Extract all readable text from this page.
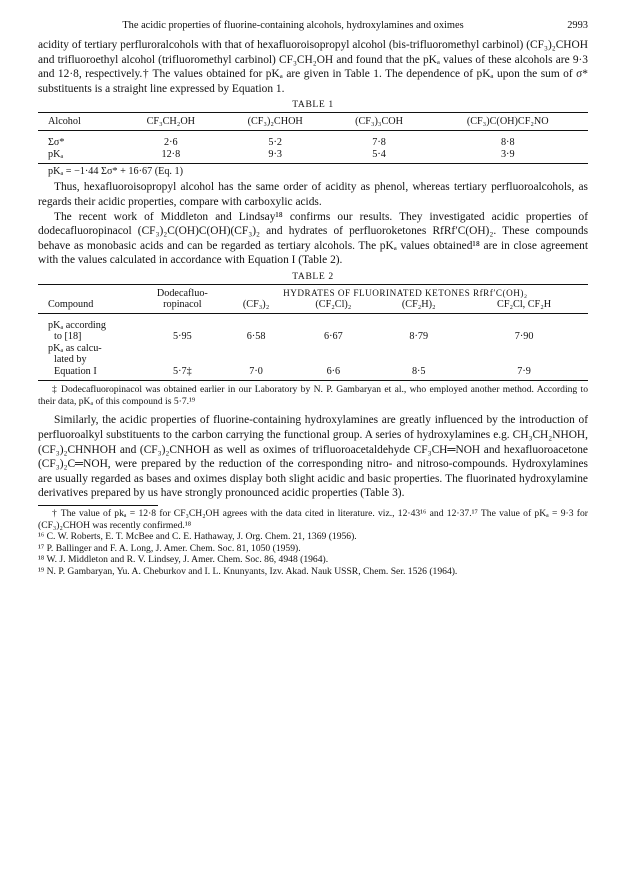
The acidic properties of fluorine-containing alcohols, hydroxylamines and oximes	2993

acidity of tertiary perfluroralcohols with that of hexafluoroisopropyl alcohol (bis-trifluoromethyl carbinol) (CF₃)₂CHOH and trifluoroethyl alcohol (trifluoromethyl carbinol) CF₃CH₂OH and found that the pKₐ values of these alcohols are 9·3 and 12·8, respectively.† The values obtained for pKₐ are given in Table 1. The dependence of pKₐ upon the sum of σ* substituents is a straight line expressed by Equation 1.

TABLE 1
Alcohol	CF₃CH₂OH	(CF₃)₂CHOH	(CF₃)₃COH	(CF₃)C(OH)CF₂NO
Σσ*	2·6	5·2	7·8	8·8
pKₐ	12·8	9·3	5·4	3·9
pKₐ = −1·44 Σσ* + 16·67 (Eq. 1)

Thus, hexafluoroisopropyl alcohol has the same order of acidity as phenol, whereas tertiary perfluoroalcohols, as regards their acidic properties, compare with carboxylic acids.

The recent work of Middleton and Lindsay¹⁸ confirms our results. They investigated acidic properties of dodecafluoropinacol (CF₃)₂C(OH)C(OH)(CF₃)₂ and hydrates of perfluoroketones RfRf′C(OH)₂. These compounds behave as monobasic acids and can be regarded as tertiary alcohols. The pKₐ values obtained¹⁸ are in close agreement with the values calculated in accordance with Equation I (Table 2).

TABLE 2
	Dodecafluo-	HYDRATES OF FLUORINATED KETONES RfRf′C(OH)₂			
Compound	ropinacol	(CF₃)₂	(CF₂Cl)₂	(CF₂H)₂	CF₂Cl, CF₂H

pKₐ according
to [18]	5·95	6·58	6·67	8·79	7·90

pKₐ as calcu-
lated by
Equation I	5·7‡	7·0	6·6	8·5	7·9
‡ Dodecafluoropinacol was obtained earlier in our Laboratory by N. P. Gambaryan et al., who employed another method. According to their data, pKₐ of this compound is 5·7.¹⁹

Similarly, the acidic properties of fluorine-containing hydroxylamines are greatly influenced by the introduction of perfluoroalkyl substituents to the carbon carrying the functional group. A series of hydroxylamines e.g. CH₃CH₂NHOH, (CF₃)₂CHNHOH and (CF₃)₂CNHOH as well as oximes of trifluoroacetaldehyde CF₃CH═NOH and hexafluoroacetone (CF₃)₂C═NOH, were prepared by the reduction of the corresponding nitro- and nitroso-compounds. Hydroxylamines are usually regarded as bases and oximes display both slight acidic and basic properties. The fluorinated hydroxylamine derivatives prepared by us have strongly pronounced acidic properties (Table 3).

† The value of pkₐ = 12·8 for CF₃CH₂OH agrees with the data cited in literature. viz., 12·43¹⁶ and 12·37.¹⁷ The value of pKₐ = 9·3 for (CF₃)₂CHOH was recently confirmed.¹⁸
¹⁶ C. W. Roberts, E. T. McBee and C. E. Hathaway, J. Org. Chem. 21, 1369 (1956).
¹⁷ P. Ballinger and F. A. Long, J. Amer. Chem. Soc. 81, 1050 (1959).
¹⁸ W. J. Middleton and R. V. Lindsey, J. Amer. Chem. Soc. 86, 4948 (1964).
¹⁹ N. P. Gambaryan, Yu. A. Cheburkov and I. L. Knunyants, Izv. Akad. Nauk USSR, Chem. Ser. 1526 (1964).
